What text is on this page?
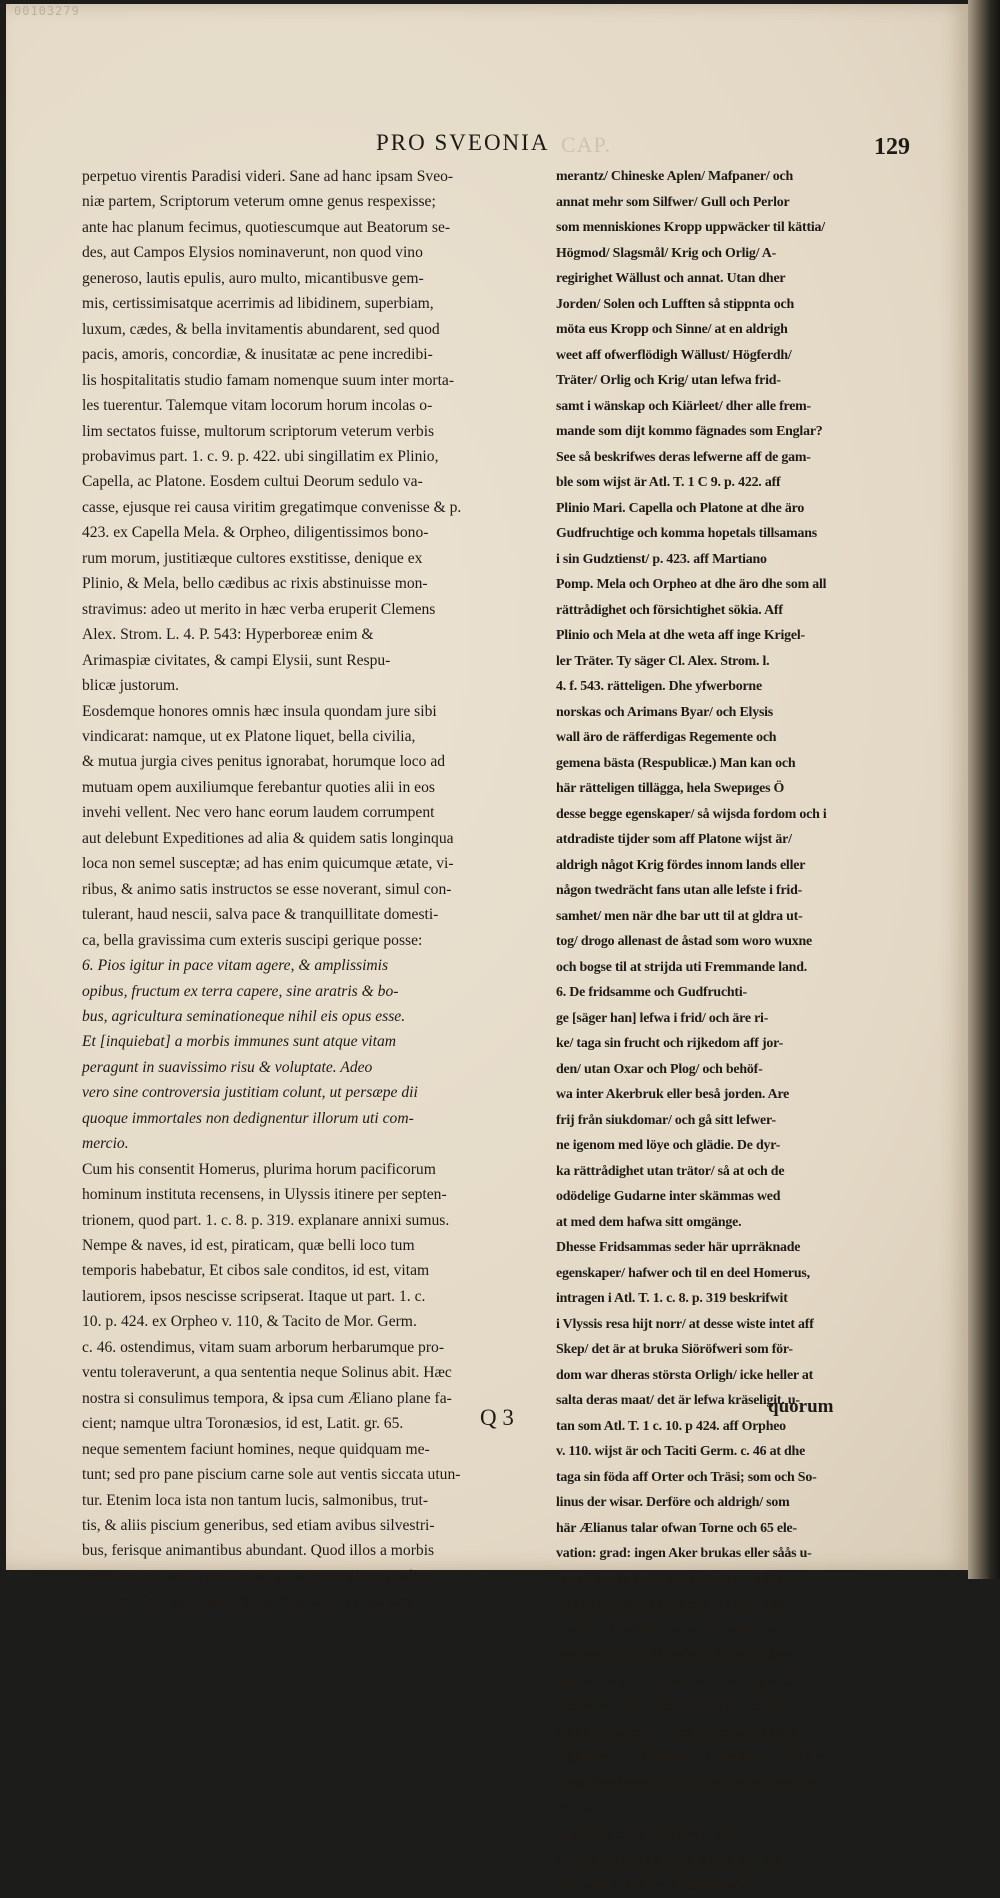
00103279
PRO SVEONIA CAP.	129

perpetuo virentis Paradisi videri. Sane ad hanc ipsam Sveo-

niæ partem, Scriptorum veterum omne genus respexisse;

ante hac planum fecimus, quotiescumque aut Beatorum se-

des, aut Campos Elysios nominaverunt, non quod vino

generoso, lautis epulis, auro multo, micantibusve gem-

mis, certissimisatque acerrimis ad libidinem, superbiam,

luxum, cædes, & bella invitamentis abundarent, sed quod

pacis, amoris, concordiæ, & inusitatæ ac pene incredibi-

lis hospitalitatis studio famam nomenque suum inter morta-

les tuerentur. Talemque vitam locorum horum incolas o-

lim sectatos fuisse, multorum scriptorum veterum verbis

probavimus part. 1. c. 9. p. 422. ubi singillatim ex Plinio,

Capella, ac Platone. Eosdem cultui Deorum sedulo va-

casse, ejusque rei causa viritim gregatimque convenisse & p.

423. ex Capella Mela. & Orpheo, diligentissimos bono-

rum morum, justitiæque cultores exstitisse, denique ex

Plinio, & Mela, bello cædibus ac rixis abstinuisse mon-

stravimus: adeo ut merito in hæc verba eruperit Clemens

Alex. Strom. L. 4. P. 543: Hyperboreæ enim &

Arimaspiæ civitates, & campi Elysii, sunt Respu-

blicæ justorum.

Eosdemque honores omnis hæc insula quondam jure sibi

vindicarat: namque, ut ex Platone liquet, bella civilia,

& mutua jurgia cives penitus ignorabat, horumque loco ad

mutuam opem auxiliumque ferebantur quoties alii in eos

invehi vellent. Nec vero hanc eorum laudem corrumpent

aut delebunt Expeditiones ad alia & quidem satis longinqua

loca non semel susceptæ; ad has enim quicumque ætate, vi-

ribus, & animo satis instructos se esse noverant, simul con-

tulerant, haud nescii, salva pace & tranquillitate domesti-

ca, bella gravissima cum exteris suscipi gerique posse:

6. Pios igitur in pace vitam agere, & amplissimis

opibus, fructum ex terra capere, sine aratris & bo-

bus, agricultura seminationeque nihil eis opus esse.

Et [inquiebat] a morbis immunes sunt atque vitam

peragunt in suavissimo risu & voluptate. Adeo

vero sine controversia justitiam colunt, ut persæpe dii

quoque immortales non dedignentur illorum uti com-

mercio.

Cum his consentit Homerus, plurima horum pacificorum

hominum instituta recensens, in Ulyssis itinere per septen-

trionem, quod part. 1. c. 8. p. 319. explanare annixi sumus.

Nempe & naves, id est, piraticam, quæ belli loco tum

temporis habebatur, Et cibos sale conditos, id est, vitam

lautiorem, ipsos nescisse scripserat. Itaque ut part. 1. c.

10. p. 424. ex Orpheo v. 110, & Tacito de Mor. Germ.

c. 46. ostendimus, vitam suam arborum herbarumque pro-

ventu toleraverunt, a qua sententia neque Solinus abit. Hæc

nostra si consulimus tempora, & ipsa cum Æliano plane fa-

cient; namque ultra Toronæsios, id est, Latit. gr. 65.

neque sementem faciunt homines, neque quidquam me-

tunt; sed pro pane piscium carne sole aut ventis siccata utun-

tur. Etenim loca ista non tantum lucis, salmonibus, trut-

tis, & aliis piscium generibus, sed etiam avibus silvestri-

bus, ferisque animantibus abundant. Quod illos a morbis

immunes Ælianus pronunciat, in eo consentientes habet

Plinium, Solinum, Plutarchum, & Hist. Hervorianam,

merantz/ Chineske Aplen/ Mafpaner/ och

annat mehr som Silfwer/ Gull och Perlor

som menniskiones Kropp uppwäcker til kättia/

Högmod/ Slagsmål/ Krig och Orlig/ A-

regirighet Wällust och annat. Utan dher

Jorden/ Solen och Lufften så stippnta och

möta eus Kropp och Sinne/ at en aldrigh

weet aff ofwerflödigh Wällust/ Högferdh/

Träter/ Orlig och Krig/ utan lefwa frid-

samt i wänskap och Kiärleet/ dher alle frem-

mande som dijt kommo fägnades som Englar?

See så beskrifwes deras lefwerne aff de gam-

ble som wijst är Atl. T. 1 C 9. p. 422. aff

Plinio Mari. Capella och Platone at dhe äro

Gudfruchtige och komma hopetals tillsamans

i sin Gudztienst/ p. 423. aff Martiano

Pomp. Mela och Orpheo at dhe äro dhe som all

rättrådighet och försichtighet sökia. Aff

Plinio och Mela at dhe weta aff inge Krigel-

ler Träter. Ty säger Cl. Alex. Strom. l.

4. f. 543. rätteligen. Dhe yfwerborne

norskas och Arimans Byar/ och Elysis

wall äro de räfferdigas Regemente och

gemena bästa (Respublicæ.) Man kan och

här rätteligen tillägga, hela Swериges Ö

desse begge egenskaper/ så wijsda fordom och i

atdradiste tijder som aff Platone wijst är/

aldrigh något Krig fördes innom lands eller

någon twedrächt fans utan alle lefste i frid-

samhet/ men när dhe bar utt til at gldra ut-

tog/ drogo allenast de åstad som woro wuxne

och bogse til at strijda uti Fremmande land.

6. De fridsamme och Gudfruchti-

ge [säger han] lefwa i frid/ och äre ri-

ke/ taga sin frucht och rijkedom aff jor-

den/ utan Oxar och Plog/ och behöf-

wa inter Akerbruk eller beså jorden. Are

frij från siukdomar/ och gå sitt lefwer-

ne igenom med löye och glädie. De dyr-

ka rättrådighet utan trätor/ så at och de

odödelige Gudarne inter skämmas wed

at med dem hafwa sitt omgänge.

Dhesse Fridsammas seder här uprräknade

egenskaper/ hafwer och til en deel Homerus,

intragen i Atl. T. 1. c. 8. p. 319 beskrifwit

i Vlyssis resa hijt norr/ at desse wiste intet aff

Skep/ det är at bruka Siöröfweri som för-

dom war dheras största Orligh/ icke heller at

salta deras maat/ det är lefwa kräseligit. u-

tan som Atl. T. 1 c. 10. p 424. aff Orpheo

v. 110. wijst är och Taciti Germ. c. 46 at dhe

taga sin föda aff Orter och Träsi; som och So-

linus der wisar. Derföre och aldrigh/ som

här Ælianus talar ofwan Torne och 65 ele-

vation: grad: ingen Aker brukas eller såås u-

tan de bruka der Fisk för Bröd/ och fetan al-

lehanda wälsmakande mat ff Fogel/ Fisk

(serdeles Lax/ Giedder och Foreller) och al-

lehanda Diur til öfwerflöd. Ælianus säger

dem och wara frij från Siukdom. Lijka så

beskrifwer dem i Atl. T. 1. c 9 p. 423. Plin.

Solin: Plutarchus, Werelii Hervara Rättrå-

dighetten som Ælianus dem berömmer aff/ äre

i nestföregående punct aff de andre nogsampt

förklarat.

7. Widare säger Ælianus at dhe

som beboo den delen aff landet eller sta-

den/ som kallas den fridsamme/ dhe

Q 3	quorum
